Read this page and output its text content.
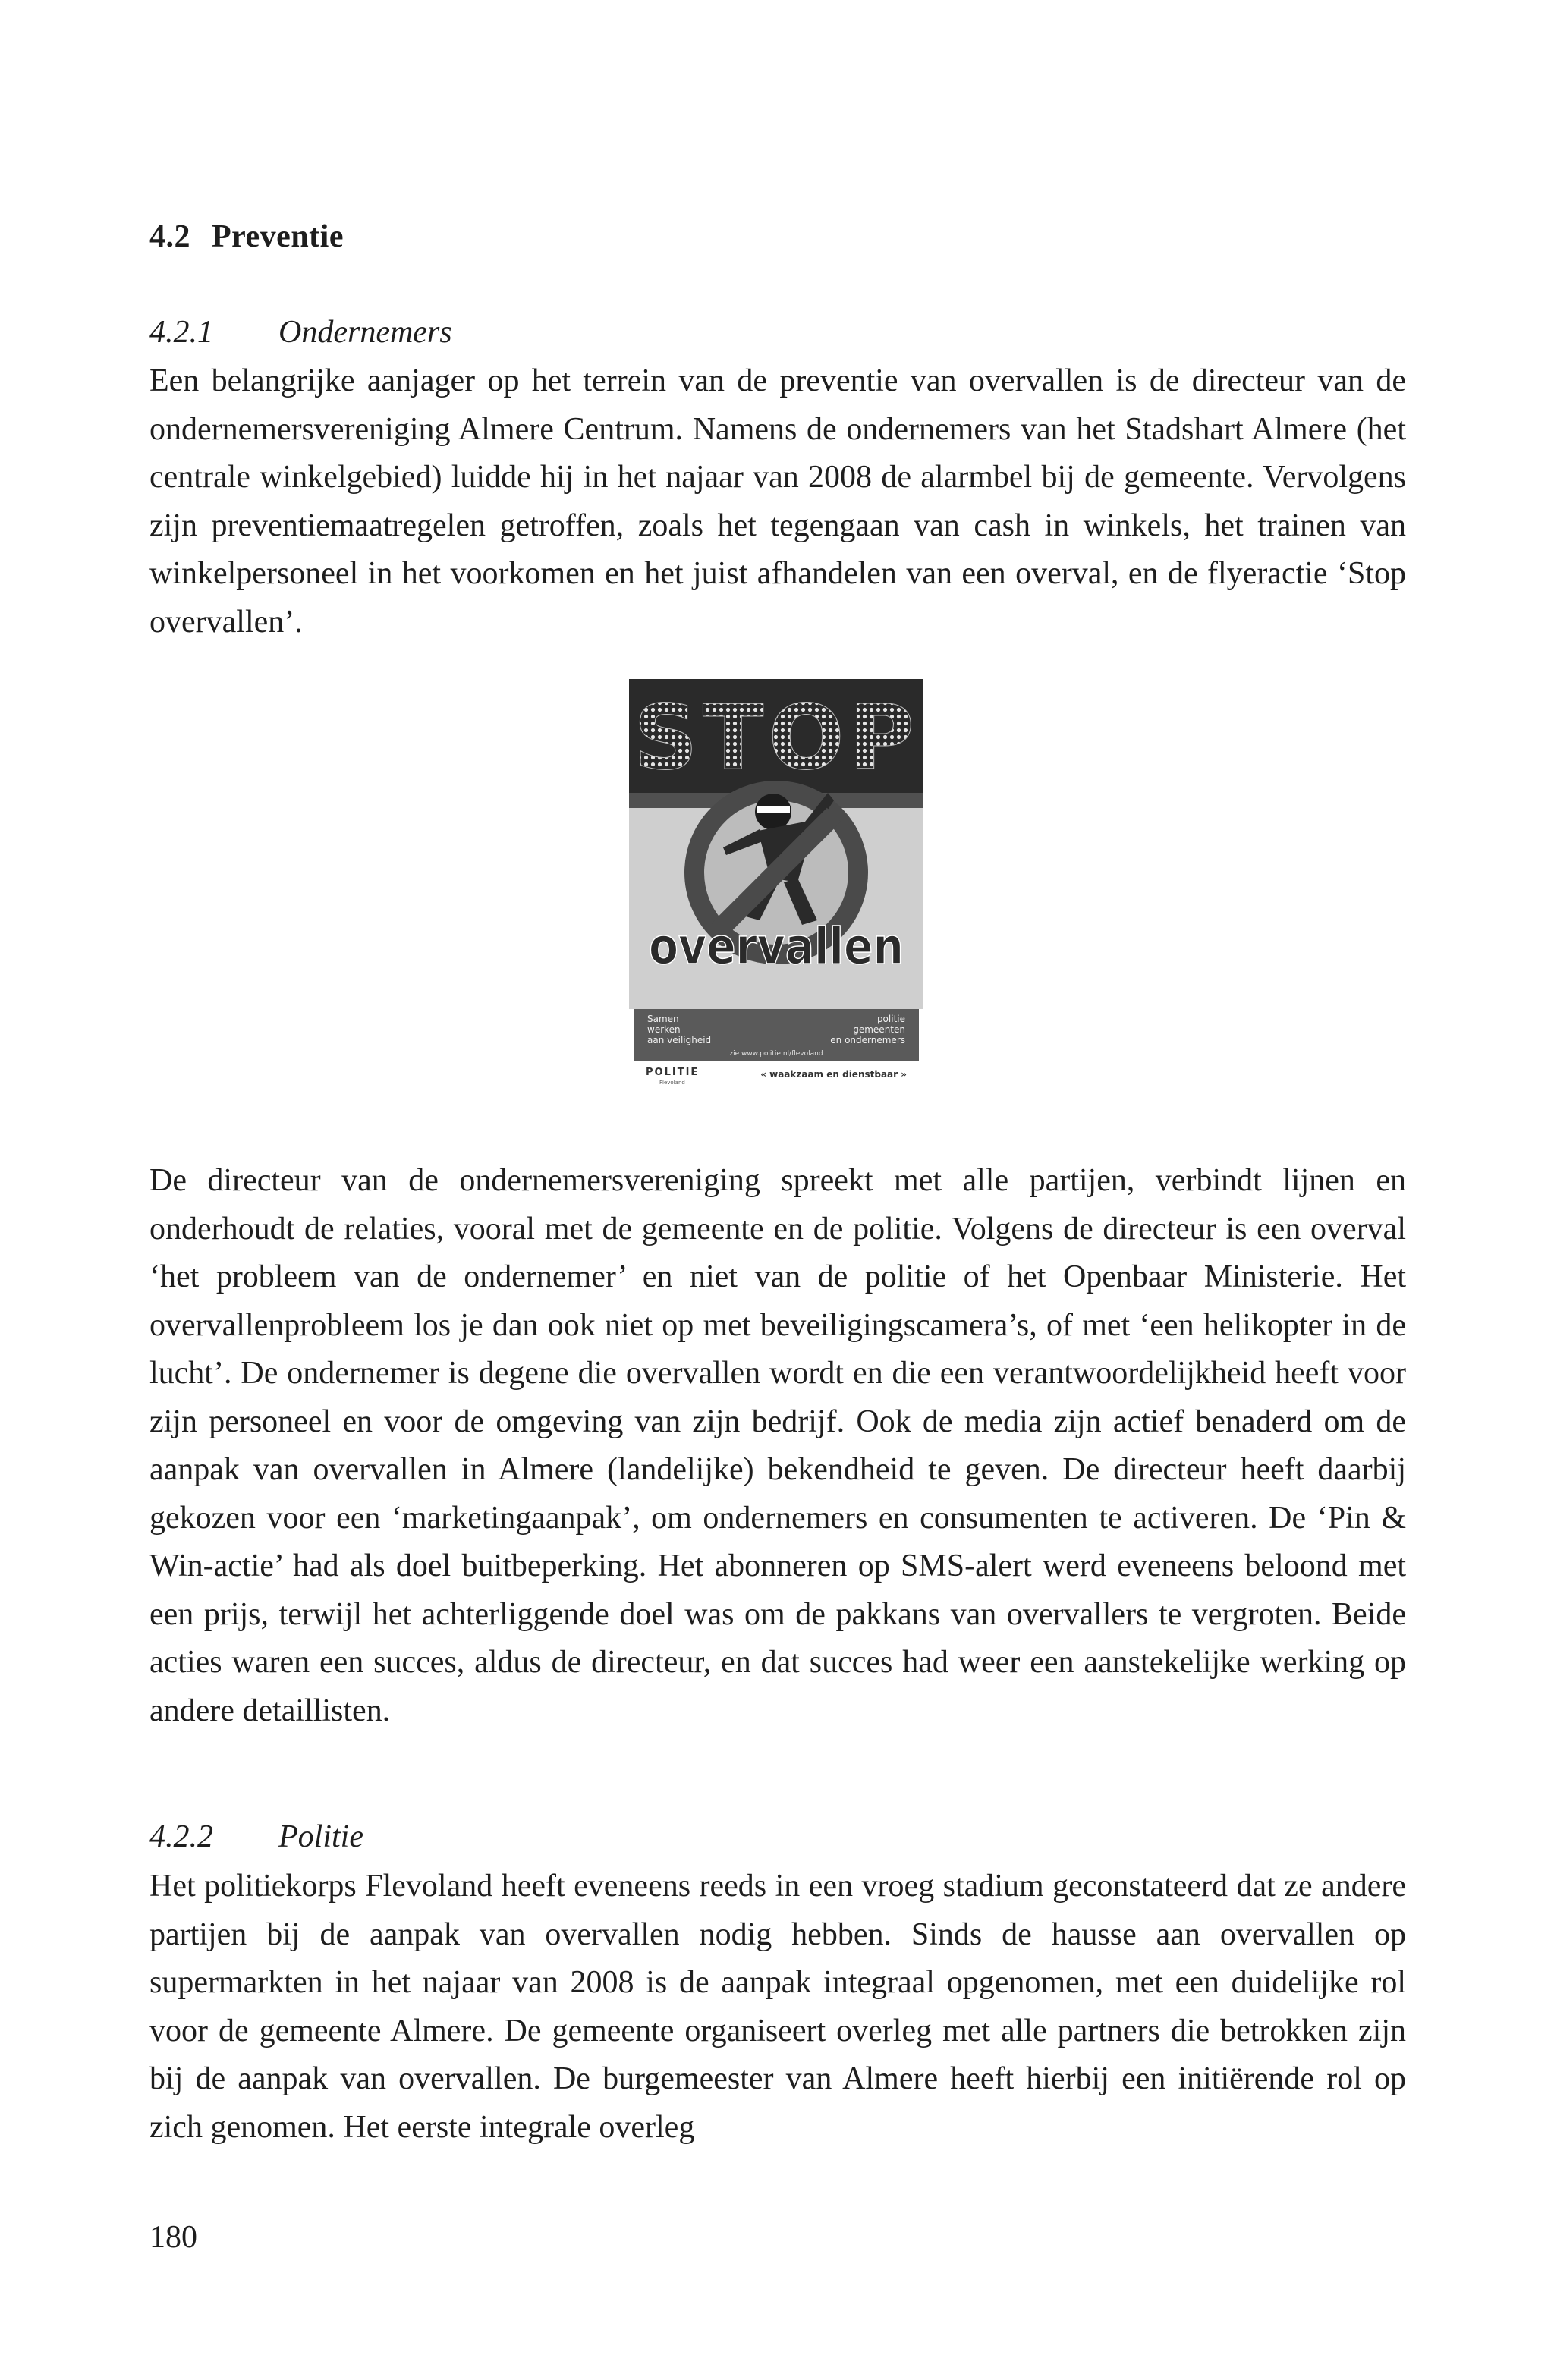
4.2 Preventie
4.2.1 Ondernemers

Een belangrijke aanjager op het terrein van de preventie van overvallen is de directeur van de ondernemersvereniging Almere Centrum. Namens de ondernemers van het Stadshart Almere (het centrale winkelgebied) luidde hij in het najaar van 2008 de alarmbel bij de gemeente. Vervolgens zijn preventiemaatregelen getroffen, zoals het tegengaan van cash in winkels, het trainen van winkelpersoneel in het voorkomen en het juist afhandelen van een overval, en de flyeractie ‘Stop overvallen’.

STOP
overvallen
Samen
werken
aan veiligheid
politie
gemeenten
en ondernemers
zie www.politie.nl/flevoland
POLITIE
Flevoland
« waakzaam en dienstbaar »

De directeur van de ondernemersvereniging spreekt met alle partijen, verbindt lijnen en onderhoudt de relaties, vooral met de gemeente en de politie. Volgens de directeur is een overval ‘het probleem van de ondernemer’ en niet van de politie of het Openbaar Ministerie. Het overvallenprobleem los je dan ook niet op met beveiligingscamera’s, of met ‘een helikopter in de lucht’. De ondernemer is degene die overvallen wordt en die een verantwoordelijkheid heeft voor zijn personeel en voor de omgeving van zijn bedrijf. Ook de media zijn actief benaderd om de aanpak van overvallen in Almere (landelijke) bekendheid te geven. De directeur heeft daarbij gekozen voor een ‘marketingaanpak’, om ondernemers en consumenten te activeren. De ‘Pin & Win-actie’ had als doel buitbeperking. Het abonneren op SMS-alert werd eveneens beloond met een prijs, terwijl het achterliggende doel was om de pakkans van overvallers te vergroten. Beide acties waren een succes, aldus de directeur, en dat succes had weer een aanstekelijke werking op andere detaillisten.

4.2.2 Politie

Het politiekorps Flevoland heeft eveneens reeds in een vroeg stadium geconstateerd dat ze andere partijen bij de aanpak van overvallen nodig hebben. Sinds de hausse aan overvallen op supermarkten in het najaar van 2008 is de aanpak integraal opgenomen, met een duidelijke rol voor de gemeente Almere. De gemeente organiseert overleg met alle partners die betrokken zijn bij de aanpak van overvallen. De burgemeester van Almere heeft hierbij een initiërende rol op zich genomen. Het eerste integrale overleg

180
